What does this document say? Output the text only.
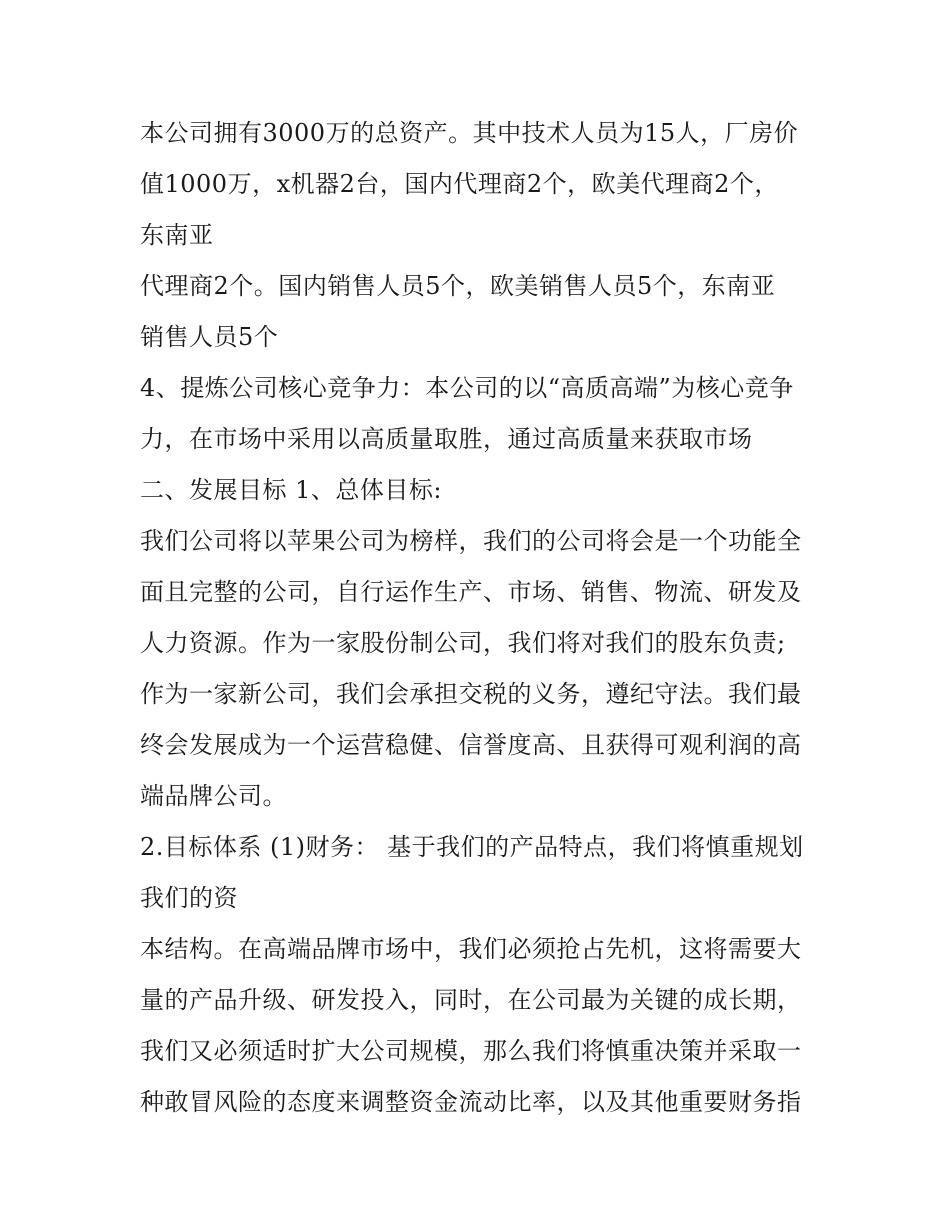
本公司拥有3000万的总资产。其中技术人员为15人，厂房价
值1000万，x机器2台，国内代理商2个，欧美代理商2个，
东南亚
代理商2个。国内销售人员5个，欧美销售人员5个，东南亚
销售人员5个
4、提炼公司核心竞争力：本公司的以“高质高端”为核心竞争
力，在市场中采用以高质量取胜，通过高质量来获取市场
二、发展目标 1、总体目标:
我们公司将以苹果公司为榜样，我们的公司将会是一个功能全
面且完整的公司，自行运作生产、市场、销售、物流、研发及
人力资源。作为一家股份制公司，我们将对我们的股东负责;
作为一家新公司，我们会承担交税的义务，遵纪守法。我们最
终会发展成为一个运营稳健、信誉度高、且获得可观利润的高
端品牌公司。
2.目标体系 (1)财务： 基于我们的产品特点，我们将慎重规划
我们的资
本结构。在高端品牌市场中，我们必须抢占先机，这将需要大
量的产品升级、研发投入，同时，在公司最为关键的成长期，
我们又必须适时扩大公司规模，那么我们将慎重决策并采取一
种敢冒风险的态度来调整资金流动比率，以及其他重要财务指
